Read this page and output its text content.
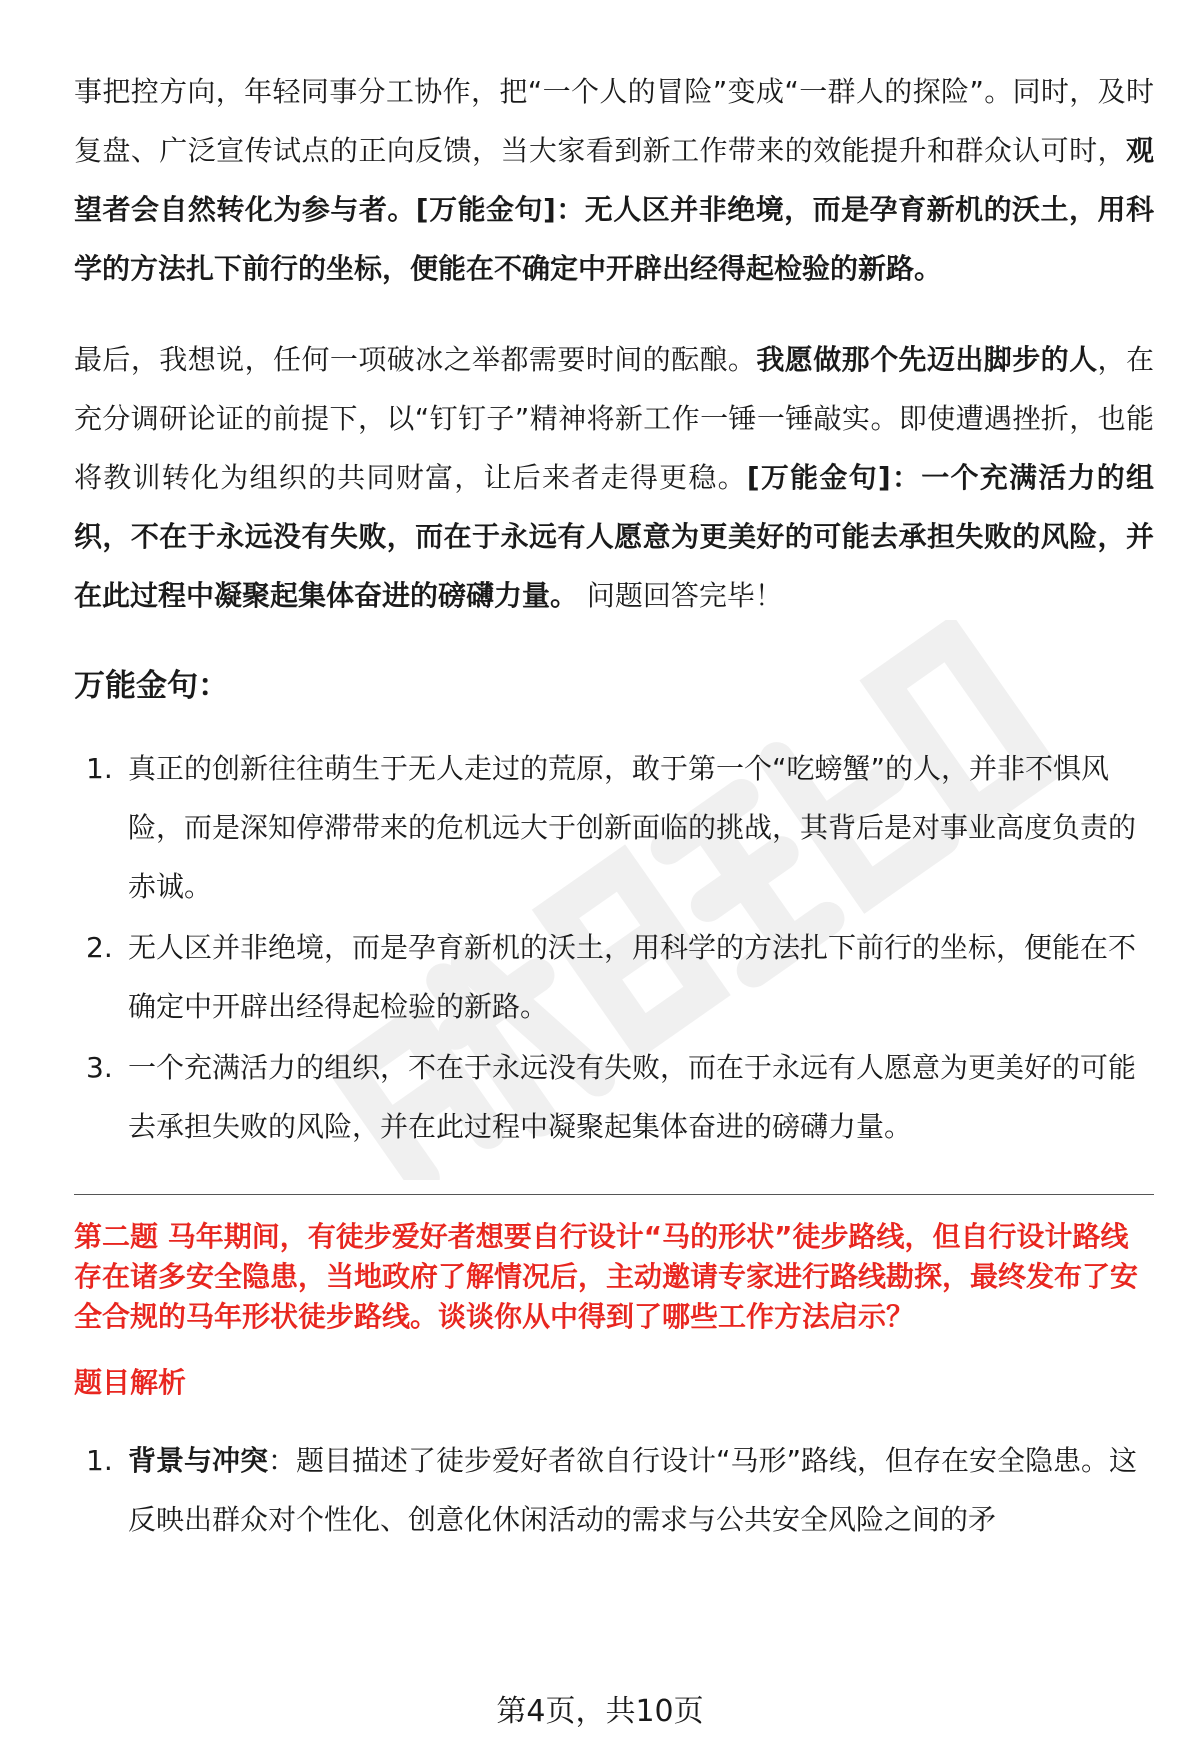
事把控方向，年轻同事分工协作，把“一个人的冒险”变成“一群人的探险”。同时，及时复盘、广泛宣传试点的正向反馈，当大家看到新工作带来的效能提升和群众认可时，观望者会自然转化为参与者。[万能金句]：无人区并非绝境，而是孕育新机的沃土，用科学的方法扎下前行的坐标，便能在不确定中开辟出经得起检验的新路。

最后，我想说，任何一项破冰之举都需要时间的酝酿。我愿做那个先迈出脚步的人，在充分调研论证的前提下，以“钉钉子”精神将新工作一锤一锤敲实。即使遭遇挫折，也能将教训转化为组织的共同财富，让后来者走得更稳。[万能金句]：一个充满活力的组织，不在于永远没有失败，而在于永远有人愿意为更美好的可能去承担失败的风险，并在此过程中凝聚起集体奋进的磅礴力量。 问题回答完毕！

万能金句：
1. 真正的创新往往萌生于无人走过的荒原，敢于第一个“吃螃蟹”的人，并非不惧风险，而是深知停滞带来的危机远大于创新面临的挑战，其背后是对事业高度负责的赤诚。
2. 无人区并非绝境，而是孕育新机的沃土，用科学的方法扎下前行的坐标，便能在不确定中开辟出经得起检验的新路。
3. 一个充满活力的组织，不在于永远没有失败，而在于永远有人愿意为更美好的可能去承担失败的风险，并在此过程中凝聚起集体奋进的磅礴力量。

第二题 马年期间，有徒步爱好者想要自行设计“马的形状”徒步路线，但自行设计路线存在诸多安全隐患，当地政府了解情况后，主动邀请专家进行路线勘探，最终发布了安全合规的马年形状徒步路线。谈谈你从中得到了哪些工作方法启示？

题目解析

1. 背景与冲突：题目描述了徒步爱好者欲自行设计“马形”路线，但存在安全隐患。这反映出群众对个性化、创意化休闲活动的需求与公共安全风险之间的矛
第4页，共10页
